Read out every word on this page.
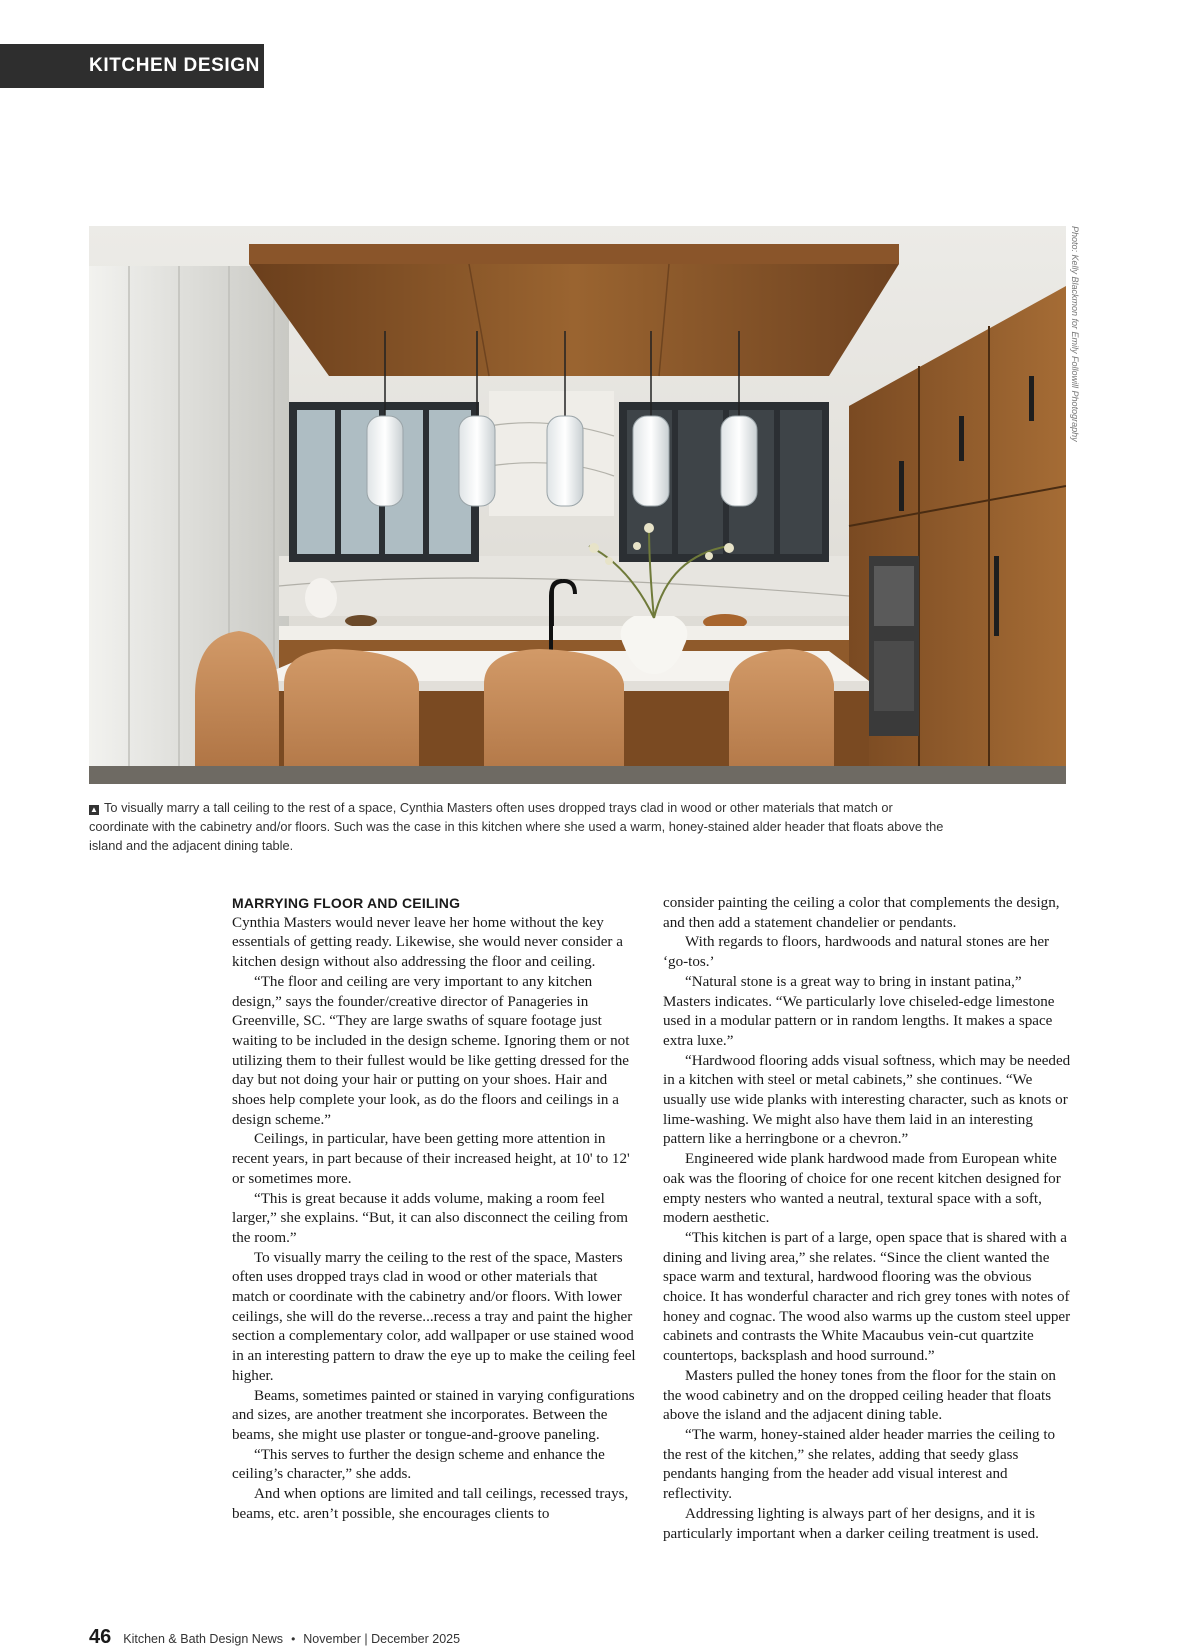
KITCHEN DESIGN
Photo: Kelly Blackmon for Emily Followill Photography
▲ To visually marry a tall ceiling to the rest of a space, Cynthia Masters often uses dropped trays clad in wood or other materials that match or coordinate with the cabinetry and/or floors. Such was the case in this kitchen where she used a warm, honey-stained alder header that floats above the island and the adjacent dining table.
MARRYING FLOOR AND CEILING

Cynthia Masters would never leave her home without the key essentials of getting ready. Likewise, she would never consider a kitchen design without also addressing the floor and ceiling.

“The floor and ceiling are very important to any kitchen design,” says the founder/creative director of Panageries in Greenville, SC. “They are large swaths of square footage just waiting to be included in the design scheme. Ignoring them or not utilizing them to their fullest would be like getting dressed for the day but not doing your hair or putting on your shoes. Hair and shoes help complete your look, as do the floors and ceilings in a design scheme.”

Ceilings, in particular, have been getting more attention in recent years, in part because of their increased height, at 10' to 12' or sometimes more.

“This is great because it adds volume, making a room feel larger,” she explains. “But, it can also disconnect the ceiling from the room.”

To visually marry the ceiling to the rest of the space, Masters often uses dropped trays clad in wood or other materials that match or coordinate with the cabinetry and/or floors. With lower ceilings, she will do the reverse...recess a tray and paint the higher section a complementary color, add wallpaper or use stained wood in an interesting pattern to draw the eye up to make the ceiling feel higher.

Beams, sometimes painted or stained in varying configurations and sizes, are another treatment she incorporates. Between the beams, she might use plaster or tongue-and-groove paneling.

“This serves to further the design scheme and enhance the ceiling’s character,” she adds.

And when options are limited and tall ceilings, recessed trays, beams, etc. aren’t possible, she encourages clients to

consider painting the ceiling a color that complements the design, and then add a statement chandelier or pendants.

With regards to floors, hardwoods and natural stones are her ‘go-tos.’

“Natural stone is a great way to bring in instant patina,” Masters indicates. “We particularly love chiseled-edge limestone used in a modular pattern or in random lengths. It makes a space extra luxe.”

“Hardwood flooring adds visual softness, which may be needed in a kitchen with steel or metal cabinets,” she continues. “We usually use wide planks with interesting character, such as knots or lime-washing. We might also have them laid in an interesting pattern like a herringbone or a chevron.”

Engineered wide plank hardwood made from European white oak was the flooring of choice for one recent kitchen designed for empty nesters who wanted a neutral, textural space with a soft, modern aesthetic.

“This kitchen is part of a large, open space that is shared with a dining and living area,” she relates. “Since the client wanted the space warm and textural, hardwood flooring was the obvious choice. It has wonderful character and rich grey tones with notes of honey and cognac. The wood also warms up the custom steel upper cabinets and contrasts the White Macaubus vein-cut quartzite countertops, backsplash and hood surround.”

Masters pulled the honey tones from the floor for the stain on the wood cabinetry and on the dropped ceiling header that floats above the island and the adjacent dining table.

“The warm, honey-stained alder header marries the ceiling to the rest of the kitchen,” she relates, adding that seedy glass pendants hanging from the header add visual interest and reflectivity.

Addressing lighting is always part of her designs, and it is particularly important when a darker ceiling treatment is used.

46 Kitchen & Bath Design News • November | December 2025
